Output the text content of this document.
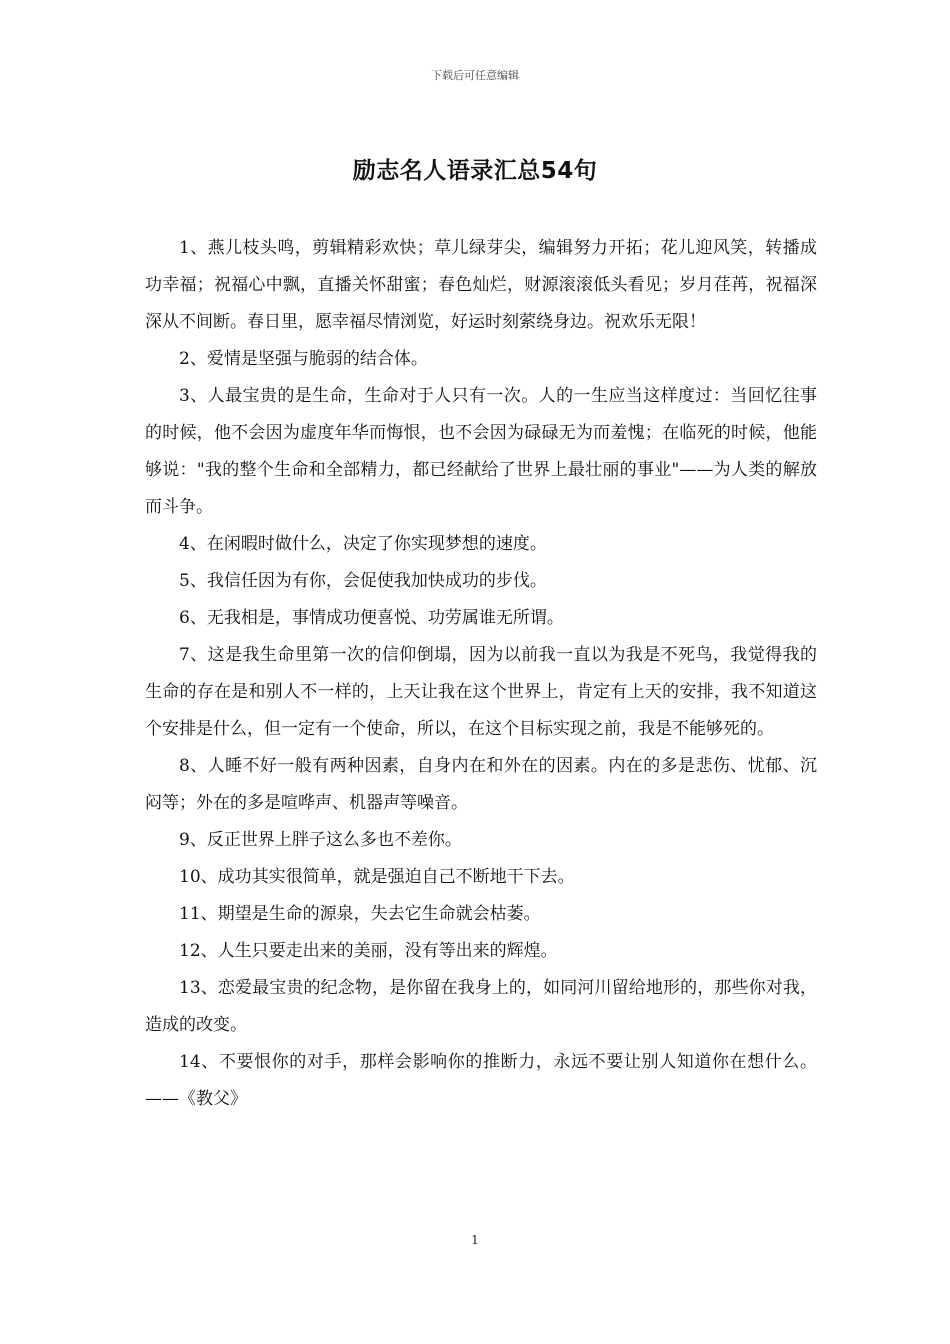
下载后可任意编辑
励志名人语录汇总54句

1、燕儿枝头鸣，剪辑精彩欢快；草儿绿芽尖，编辑努力开拓；花儿迎风笑，转播成功幸福；祝福心中飘，直播关怀甜蜜；春色灿烂，财源滚滚低头看见；岁月荏苒，祝福深深从不间断。春日里，愿幸福尽情浏览，好运时刻萦绕身边。祝欢乐无限！

2、爱情是坚强与脆弱的结合体。

3、人最宝贵的是生命，生命对于人只有一次。人的一生应当这样度过：当回忆往事的时候，他不会因为虚度年华而悔恨，也不会因为碌碌无为而羞愧；在临死的时候，他能够说："我的整个生命和全部精力，都已经献给了世界上最壮丽的事业"——为人类的解放而斗争。

4、在闲暇时做什么，决定了你实现梦想的速度。

5、我信任因为有你，会促使我加快成功的步伐。

6、无我相是，事情成功便喜悦、功劳属谁无所谓。

7、这是我生命里第一次的信仰倒塌，因为以前我一直以为我是不死鸟，我觉得我的生命的存在是和别人不一样的，上天让我在这个世界上，肯定有上天的安排，我不知道这个安排是什么，但一定有一个使命，所以，在这个目标实现之前，我是不能够死的。

8、人睡不好一般有两种因素，自身内在和外在的因素。内在的多是悲伤、忧郁、沉闷等；外在的多是喧哗声、机器声等噪音。

9、反正世界上胖子这么多也不差你。

10、成功其实很简单，就是强迫自己不断地干下去。

11、期望是生命的源泉，失去它生命就会枯萎。

12、人生只要走出来的美丽，没有等出来的辉煌。

13、恋爱最宝贵的纪念物，是你留在我身上的，如同河川留给地形的，那些你对我，造成的改变。

14、不要恨你的对手，那样会影响你的推断力，永远不要让别人知道你在想什么。——《教父》

1
